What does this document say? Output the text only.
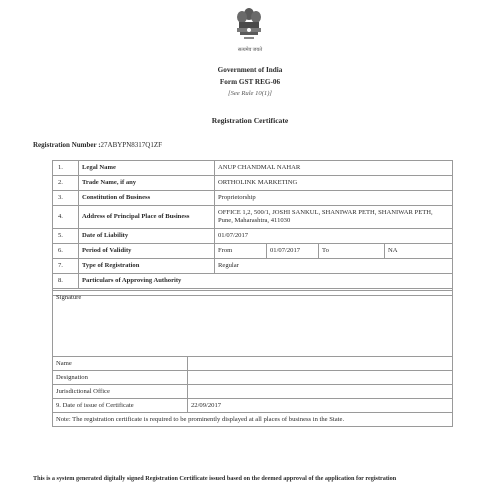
सत्यमेव जयते
Government of India
Form GST REG-06
[See Rule 10(1)]
Registration Certificate
Registration Number :27ABYPN8317Q1ZF
1.	Legal Name	ANUP CHANDMAL NAHAR			
2.	Trade Name, if any	ORTHOLINK MARKETING			
3.	Constitution of Business	Proprietorship			
4.	Address of Principal Place of Business	OFFICE 1,2, 500/1, JOSHI SANKUL, SHANIWAR PETH, SHANIWAR PETH, Pune, Maharashtra, 411030			
5.	Date of Liability	01/07/2017			
6.	Period of Validity	From	01/07/2017	To	NA
7.	Type of Registration	Regular			
8.	Particulars of Approving Authority				

Signature	
Name	
Designation	
Jurisdictional Office	
9. Date of issue of Certificate	22/09/2017
Note: The registration certificate is required to be prominently displayed at all places of business in the State.	
This is a system generated digitally signed Registration Certificate issued based on the deemed approval of the application for registration
